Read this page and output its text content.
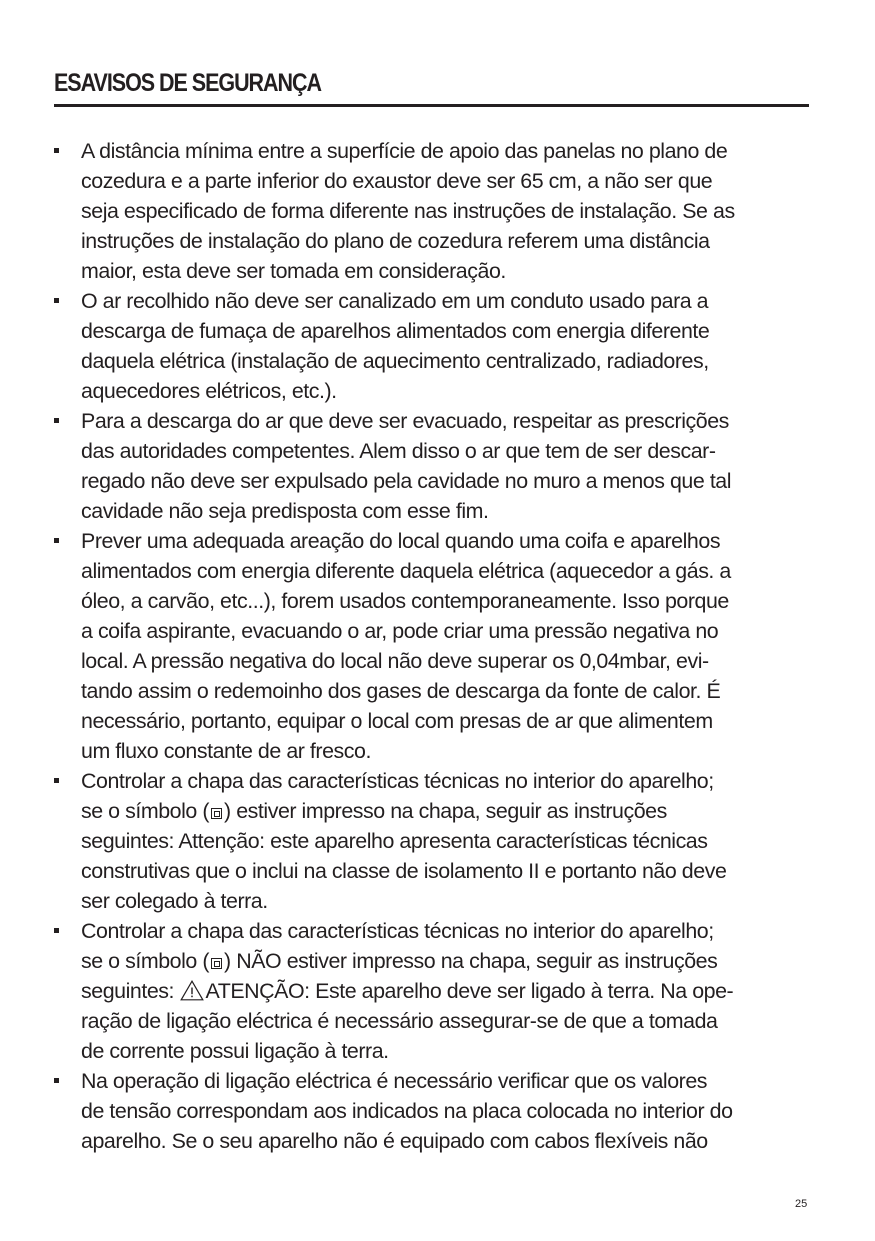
ESAVISOS DE SEGURANÇA

A distância mínima entre a superfície de apoio das panelas no plano de

cozedura e a parte inferior do exaustor deve ser 65 cm, a não ser que

seja especificado de forma diferente nas instruções de instalação. Se as

instruções de instalação do plano de cozedura referem uma distância

maior, esta deve ser tomada em consideração.

O ar recolhido não deve ser canalizado em um conduto usado para a

descarga de fumaça de aparelhos alimentados com energia diferente

daquela elétrica (instalação de aquecimento centralizado, radiadores,

aquecedores elétricos, etc.).

Para a descarga do ar que deve ser evacuado, respeitar as prescrições

das autoridades competentes. Alem disso o ar que tem de ser descar-

regado não deve ser expulsado pela cavidade no muro a menos que tal

cavidade não seja predisposta com esse fim.

Prever uma adequada areação do local quando uma coifa e aparelhos

alimentados com energia diferente daquela elétrica (aquecedor a gás. a

óleo, a carvão, etc...), forem usados contemporaneamente. Isso porque

a coifa aspirante, evacuando o ar, pode criar uma pressão negativa no

local. A pressão negativa do local não deve superar os 0,04mbar, evi-

tando assim o redemoinho dos gases de descarga da fonte de calor. É

necessário, portanto, equipar o local com presas de ar que alimentem

um fluxo constante de ar fresco.

Controlar a chapa das características técnicas no interior do aparelho;

se o símbolo ( ) estiver impresso na chapa, seguir as instruções

seguintes: Attenção: este aparelho apresenta características técnicas

construtivas que o inclui na classe de isolamento II e portanto não deve

ser colegado à terra.

Controlar a chapa das características técnicas no interior do aparelho;

se o símbolo ( ) NÃO estiver impresso na chapa, seguir as instruções

seguintes: ATENÇÃO: Este aparelho deve ser ligado à terra. Na ope-

ração de ligação eléctrica é necessário assegurar-se de que a tomada

de corrente possui ligação à terra.

Na operação di ligação eléctrica é necessário verificar que os valores

de tensão correspondam aos indicados na placa colocada no interior do

aparelho. Se o seu aparelho não é equipado com cabos flexíveis não

25
